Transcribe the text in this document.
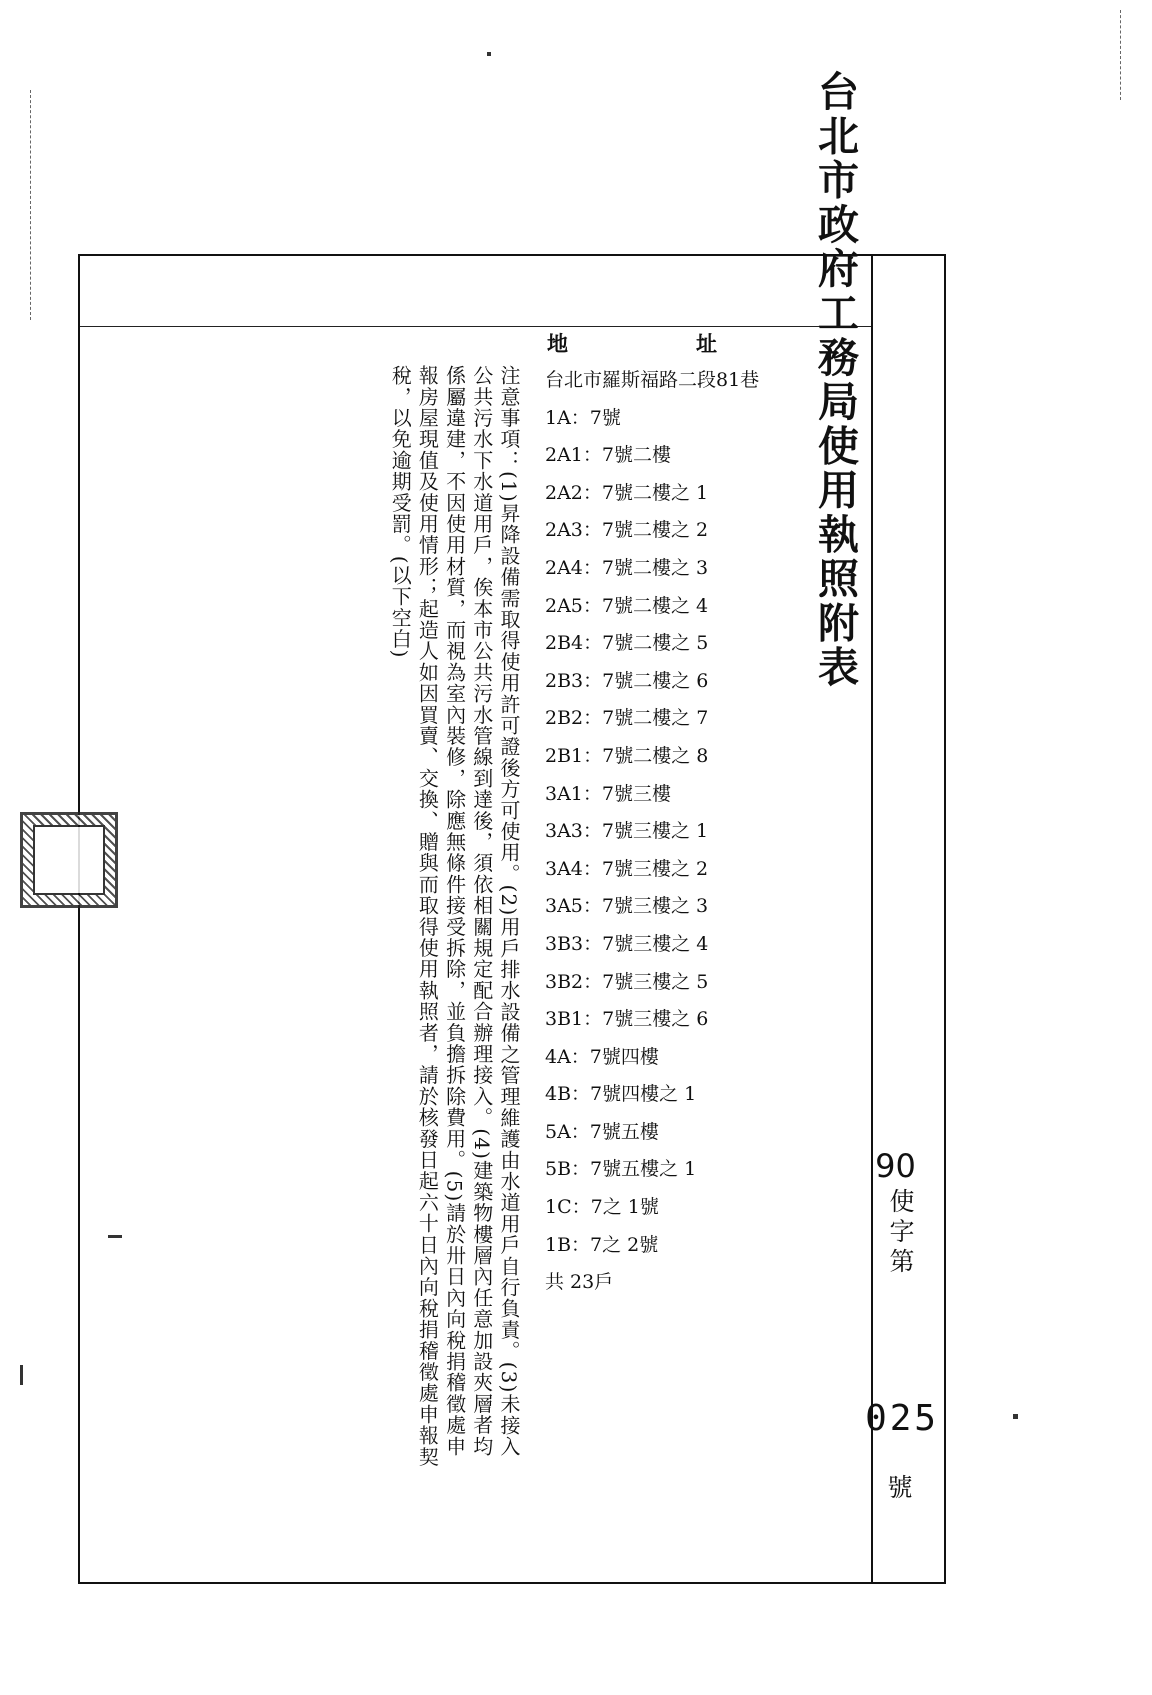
台北市政府工務局使用執照附表
90
使字第
025
號
地	址
台北市羅斯福路二段81巷
1A：7號
2A1：7號二樓
2A2：7號二樓之 1
2A3：7號二樓之 2
2A4：7號二樓之 3
2A5：7號二樓之 4
2B4：7號二樓之 5
2B3：7號二樓之 6
2B2：7號二樓之 7
2B1：7號二樓之 8
3A1：7號三樓
3A3：7號三樓之 1
3A4：7號三樓之 2
3A5：7號三樓之 3
3B3：7號三樓之 4
3B2：7號三樓之 5
3B1：7號三樓之 6
4A：7號四樓
4B：7號四樓之 1
5A：7號五樓
5B：7號五樓之 1
1C：7之 1號
1B：7之 2號
共 23戶

注意事項：(1)昇降設備需取得使用許可證後方可使用。(2)用戶排水設備之管理維護由水道用戶自行負責。(3)未接入公共污水下水道用戶，俟本市公共污水管線到達後，須依相關規定配合辦理接入。(4)建築物樓層內任意加設夾層者均係屬違建，不因使用材質，而視為室內裝修，除應無條件接受拆除，並負擔拆除費用。(5)請於卅日內向稅捐稽徵處申報房屋現值及使用情形；起造人如因買賣、交換、贈與而取得使用執照者，請於核發日起六十日內向稅捐稽徵處申報契稅，以免逾期受罰。(以下空白)
